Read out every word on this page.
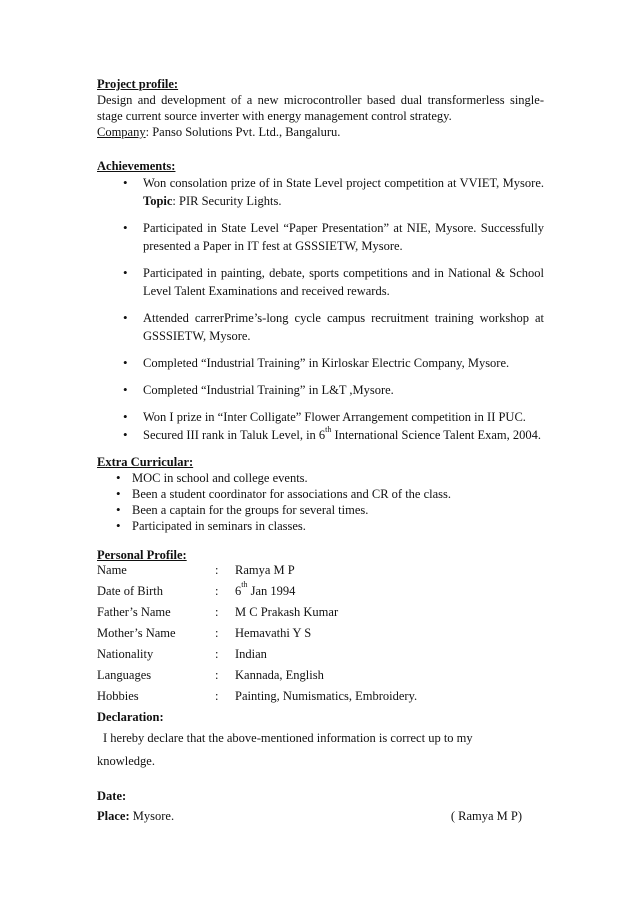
Project profile:
Design and development of a new microcontroller based dual transformerless single-
stage current source inverter with energy management control strategy.
Company: Panso Solutions Pvt. Ltd., Bangaluru.
Achievements:
• Won consolation prize of in State Level project competition at VVIET, Mysore. Topic: PIR Security Lights.
• Participated in State Level “Paper Presentation” at NIE, Mysore. Successfully presented a Paper in IT fest at GSSSIETW, Mysore.
• Participated in painting, debate, sports competitions and in National & School Level Talent Examinations and received rewards.
• Attended carrerPrime’s-long cycle campus recruitment training workshop at GSSSIETW, Mysore.
• Completed “Industrial Training” in Kirloskar Electric Company, Mysore.
• Completed “Industrial Training” in L&T ,Mysore.
• Won I prize in “Inter Colligate” Flower Arrangement competition in II PUC.
• Secured III rank in Taluk Level, in 6th International Science Talent Exam, 2004.
Extra Curricular:
• MOC in school and college events.
• Been a student coordinator for associations and CR of the class.
• Been a captain for the groups for several times.
• Participated in seminars in classes.
Personal Profile:
Name	:	Ramya M P
Date of Birth	:	6th Jan 1994
Father’s Name	:	M C Prakash Kumar
Mother’s Name	:	Hemavathi Y S
Nationality	:	Indian
Languages	:	Kannada, English
Hobbies	:	Painting, Numismatics, Embroidery.
Declaration:
I hereby declare that the above-mentioned information is correct up to my
knowledge.
Date:
Place: Mysore.	( Ramya M P)
